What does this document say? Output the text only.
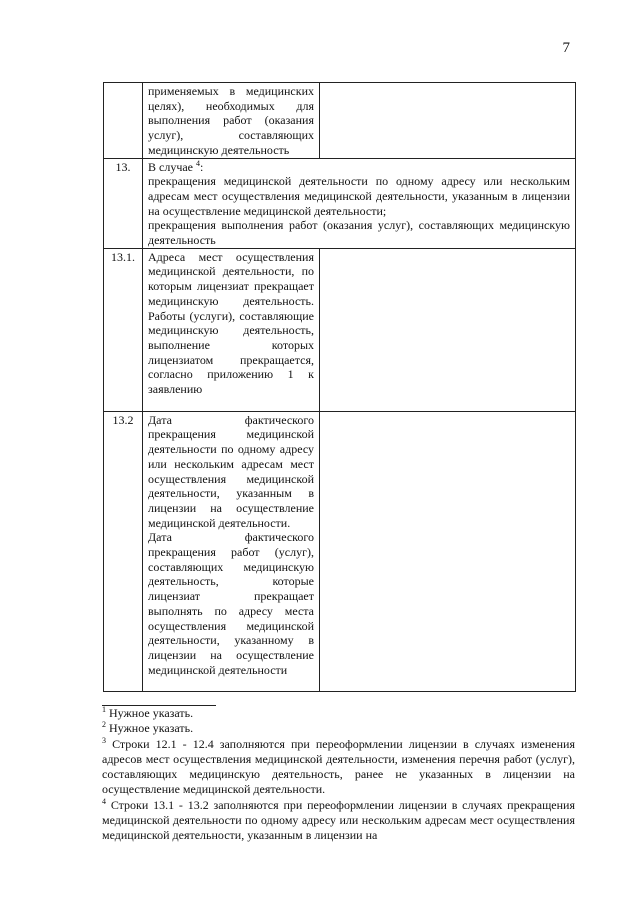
7

	применяемых в медицинских целях), необходимых для выполнения работ (оказания услуг), составляющих медицинскую деятельность	

13.	В случае $^4$:

прекращения медицинской деятельности по одному адресу или нескольким адресам мест осуществления медицинской деятельности, указанным в лицензии на осуществление медицинской деятельности;

прекращения выполнения работ (оказания услуг), составляющих медицинскую деятельность	

13.1.	Адреса мест осуществления медицинской деятельности, по которым лицензиат прекращает медицинскую деятельность. Работы (услуги), составляющие медицинскую деятельность, выполнение которых лицензиатом прекращается, согласно приложению 1 к заявлению	

13.2	Дата фактического прекращения медицинской деятельности по одному адресу или нескольким адресам мест осуществления медицинской деятельности, указанным в лицензии на осуществление медицинской деятельности.

Дата фактического прекращения работ (услуг), составляющих медицинскую деятельность, которые лицензиат прекращает выполнять по адресу места осуществления медицинской деятельности, указанному в лицензии на осуществление медицинской деятельности	

$^1$ Нужное указать.

$^2$ Нужное указать.

$^3$ Строки 12.1 - 12.4 заполняются при переоформлении лицензии в случаях изменения адресов мест осуществления медицинской деятельности, изменения перечня работ (услуг), составляющих медицинскую деятельность, ранее не указанных в лицензии на осуществление медицинской деятельности.

$^4$ Строки 13.1 - 13.2 заполняются при переоформлении лицензии в случаях прекращения медицинской деятельности по одному адресу или нескольким адресам мест осуществления медицинской деятельности, указанным в лицензии на
